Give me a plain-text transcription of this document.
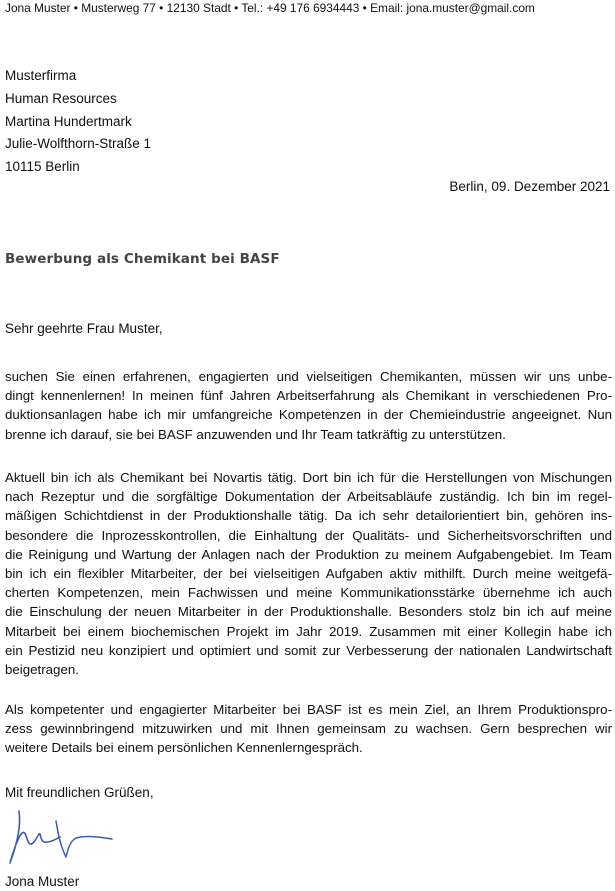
Jona Muster • Musterweg 77 • 12130 Stadt • Tel.: +49 176 6934443 • Email: jona.muster@gmail.com
Musterfirma
Human Resources
Martina Hundertmark
Julie-Wolfthorn-Straße 1
10115 Berlin
Berlin, 09. Dezember 2021
Bewerbung als Chemikant bei BASF
Sehr geehrte Frau Muster,
suchen Sie einen erfahrenen, engagierten und vielseitigen Chemikanten, müssen wir uns unbe-
dingt kennenlernen! In meinen fünf Jahren Arbeitserfahrung als Chemikant in verschiedenen Pro-
duktionsanlagen habe ich mir umfangreiche Kompetenzen in der Chemieindustrie angeeignet. Nun
brenne ich darauf, sie bei BASF anzuwenden und Ihr Team tatkräftig zu unterstützen.
Aktuell bin ich als Chemikant bei Novartis tätig. Dort bin ich für die Herstellungen von Mischungen
nach Rezeptur und die sorgfältige Dokumentation der Arbeitsabläufe zuständig. Ich bin im regel-
mäßigen Schichtdienst in der Produktionshalle tätig. Da ich sehr detailorientiert bin, gehören ins-
besondere die Inprozesskontrollen, die Einhaltung der Qualitäts- und Sicherheitsvorschriften und
die Reinigung und Wartung der Anlagen nach der Produktion zu meinem Aufgabengebiet. Im Team
bin ich ein flexibler Mitarbeiter, der bei vielseitigen Aufgaben aktiv mithilft. Durch meine weitgefä-
cherten Kompetenzen, mein Fachwissen und meine Kommunikationsstärke übernehme ich auch
die Einschulung der neuen Mitarbeiter in der Produktionshalle. Besonders stolz bin ich auf meine
Mitarbeit bei einem biochemischen Projekt im Jahr 2019. Zusammen mit einer Kollegin habe ich
ein Pestizid neu konzipiert und optimiert und somit zur Verbesserung der nationalen Landwirtschaft
beigetragen.
Als kompetenter und engagierter Mitarbeiter bei BASF ist es mein Ziel, an Ihrem Produktionspro-
zess gewinnbringend mitzuwirken und mit Ihnen gemeinsam zu wachsen. Gern besprechen wir
weitere Details bei einem persönlichen Kennenlerngespräch.
Mit freundlichen Grüßen,
Jona Muster
